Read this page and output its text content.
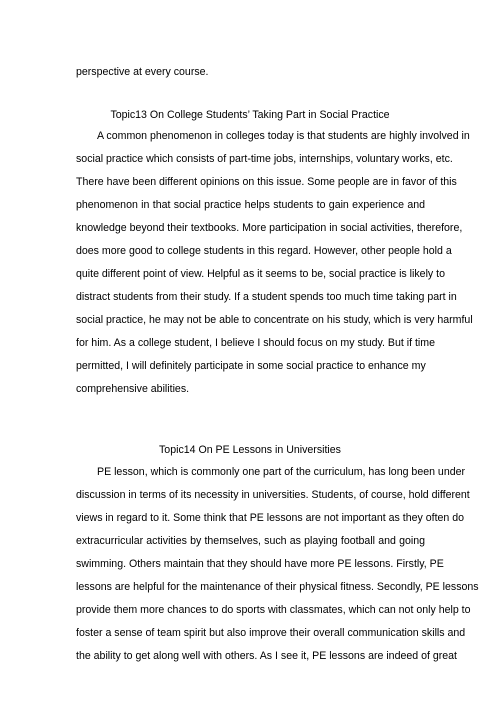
perspective at every course.
Topic13 On College Students’ Taking Part in Social Practice
A common phenomenon in colleges today is that students are highly involved in
social practice which consists of part-time jobs, internships, voluntary works, etc.
There have been different opinions on this issue. Some people are in favor of this
phenomenon in that social practice helps students to gain experience and
knowledge beyond their textbooks. More participation in social activities, therefore,
does more good to college students in this regard. However, other people hold a
quite different point of view. Helpful as it seems to be, social practice is likely to
distract students from their study. If a student spends too much time taking part in
social practice, he may not be able to concentrate on his study, which is very harmful
for him. As a college student, I believe I should focus on my study. But if time
permitted, I will definitely participate in some social practice to enhance my
comprehensive abilities.
Topic14 On PE Lessons in Universities
PE lesson, which is commonly one part of the curriculum, has long been under
discussion in terms of its necessity in universities. Students, of course, hold different
views in regard to it. Some think that PE lessons are not important as they often do
extracurricular activities by themselves, such as playing football and going
swimming. Others maintain that they should have more PE lessons. Firstly, PE
lessons are helpful for the maintenance of their physical fitness. Secondly, PE lessons
provide them more chances to do sports with classmates, which can not only help to
foster a sense of team spirit but also improve their overall communication skills and
the ability to get along well with others. As I see it, PE lessons are indeed of great
